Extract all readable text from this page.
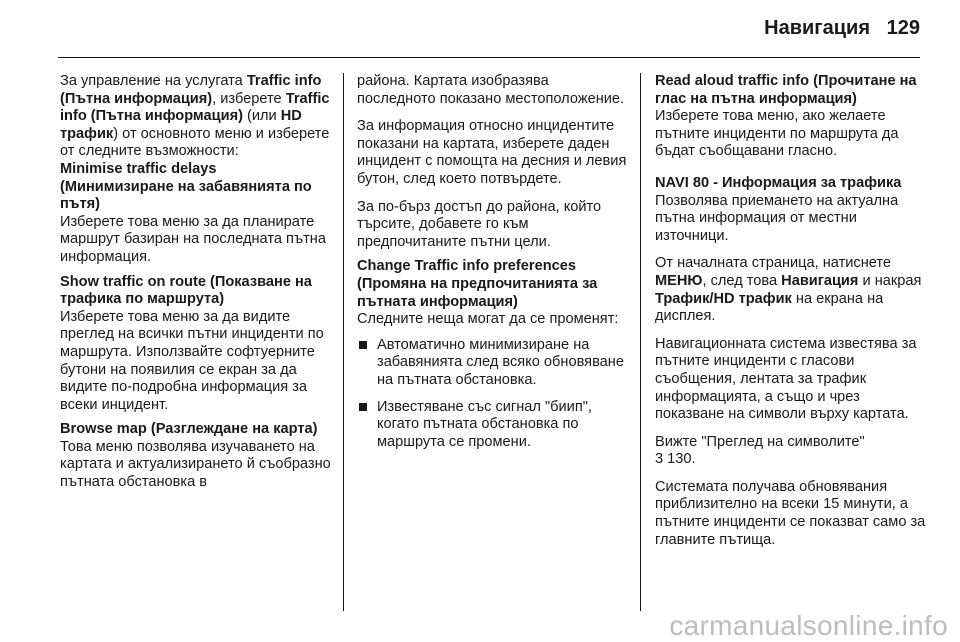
Навигация 129

За управление на услугата Traffic info (Пътна информация), изберете Traffic info (Пътна информация) (или HD трафик) от основното меню и изберете от следните възможности:

Minimise traffic delays (Минимизиране на забавянията по пътя)

Изберете това меню за да планирате маршрут базиран на последната пътна информация.

Show traffic on route (Показване на трафика по маршрута)

Изберете това меню за да видите преглед на всички пътни инциденти по маршрута. Използвайте софтуерните бутони на появилия се екран за да видите по-подробна информация за всеки инцидент.

Browse map (Разглеждане на карта)

Това меню позволява изучаването на картата и актуализирането й съобразно пътната обстановка в

района. Картата изобразява последното показано местоположение.

За информация относно инцидентите показани на картата, изберете даден инцидент с помощта на десния и левия бутон, след което потвърдете.

За по-бърз достъп до района, който търсите, добавете го към предпочитаните пътни цели.

Change Traffic info preferences (Промяна на предпочитанията за пътната информация)

Следните неща могат да се променят:

Автоматично минимизиране на забавянията след всяко обновяване на пътната обстановка.
Известяване със сигнал "биип", когато пътната обстановка по маршрута се промени.

Read aloud traffic info (Прочитане на глас на пътна информация)

Изберете това меню, ако желаете пътните инциденти по маршрута да бъдат съобщавани гласно.

NAVI 80 - Информация за трафика

Позволява приемането на актуална пътна информация от местни източници.

От началната страница, натиснете МЕНЮ, след това Навигация и накрая Трафик/HD трафик на екрана на дисплея.

Навигационната система известява за пътните инциденти с гласови съобщения, лентата за трафик информацията, а също и чрез показване на символи върху картата.

Вижте "Преглед на символите"
3 130.

Системата получава обновявания приблизително на всеки 15 минути, а пътните инциденти се показват само за главните пътища.

carmanualsonline.info
